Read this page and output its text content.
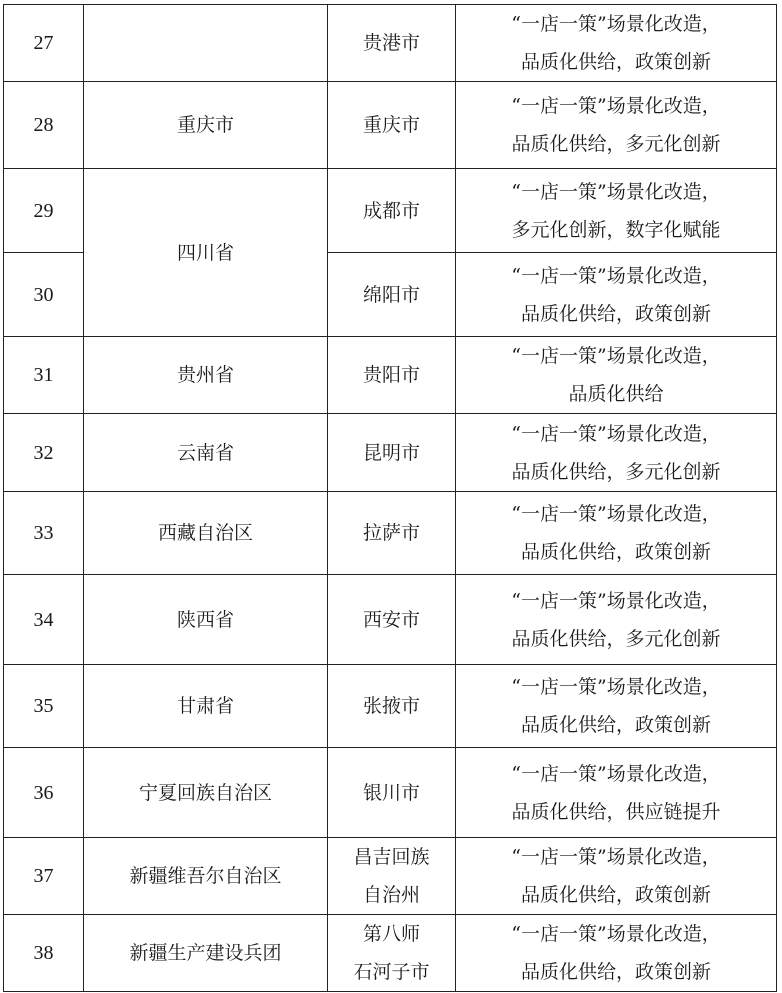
27		贵港市	“一店一策”场景化改造，
品质化供给，政策创新

28	重庆市	重庆市	“一店一策”场景化改造，
品质化供给，多元化创新

29	四川省	成都市	“一店一策”场景化改造，
多元化创新，数字化赋能

30		绵阳市	“一店一策”场景化改造，
品质化供给，政策创新

31	贵州省	贵阳市	“一店一策”场景化改造，
品质化供给

32	云南省	昆明市	“一店一策”场景化改造，
品质化供给，多元化创新

33	西藏自治区	拉萨市	“一店一策”场景化改造，
品质化供给，政策创新

34	陕西省	西安市	“一店一策”场景化改造，
品质化供给，多元化创新

35	甘肃省	张掖市	“一店一策”场景化改造，
品质化供给，政策创新

36	宁夏回族自治区	银川市	“一店一策”场景化改造，
品质化供给，供应链提升

37	新疆维吾尔自治区	昌吉回族
自治州	“一店一策”场景化改造，
品质化供给，政策创新

38	新疆生产建设兵团	第八师
石河子市	“一店一策”场景化改造，
品质化供给，政策创新
